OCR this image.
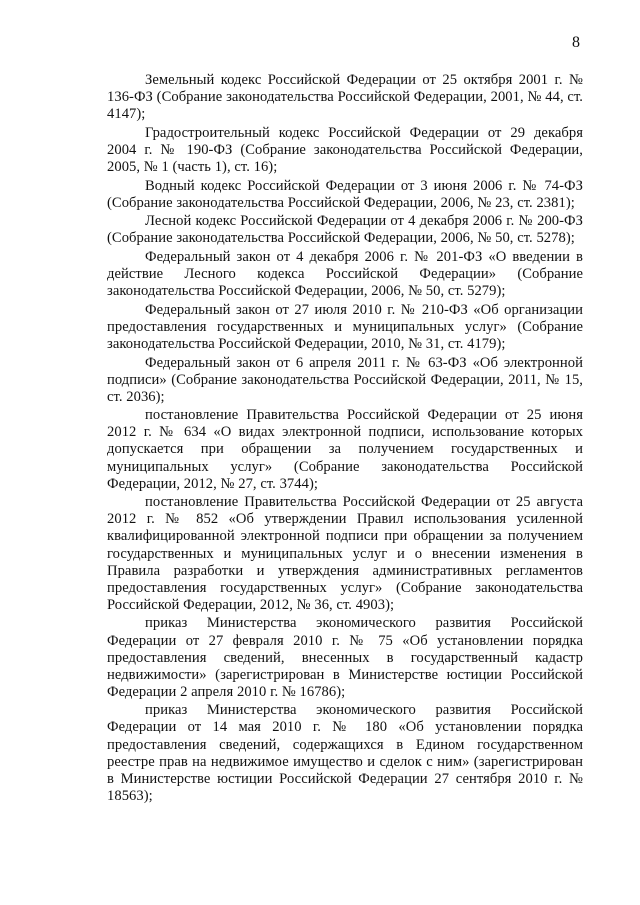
8

Земельный кодекс Российской Федерации от 25 октября 2001 г. № 136-ФЗ (Собрание законодательства Российской Федерации, 2001, № 44, ст. 4147);

Градостроительный кодекс Российской Федерации от 29 декабря 2004 г. № 190-ФЗ (Собрание законодательства Российской Федерации, 2005, № 1 (часть 1), ст. 16);

Водный кодекс Российской Федерации от 3 июня 2006 г. № 74-ФЗ (Собрание законодательства Российской Федерации, 2006, № 23, ст. 2381);

Лесной кодекс Российской Федерации от 4 декабря 2006 г. № 200-ФЗ (Собрание законодательства Российской Федерации, 2006, № 50, ст. 5278);

Федеральный закон от 4 декабря 2006 г. № 201-ФЗ «О введении в действие Лесного кодекса Российской Федерации» (Собрание законодательства Российской Федерации, 2006, № 50, ст. 5279);

Федеральный закон от 27 июля 2010 г. № 210-ФЗ «Об организации предоставления государственных и муниципальных услуг» (Собрание законодательства Российской Федерации, 2010, № 31, ст. 4179);

Федеральный закон от 6 апреля 2011 г. № 63-ФЗ «Об электронной подписи» (Собрание законодательства Российской Федерации, 2011, № 15, ст. 2036);

постановление Правительства Российской Федерации от 25 июня 2012 г. № 634 «О видах электронной подписи, использование которых допускается при обращении за получением государственных и муниципальных услуг» (Собрание законодательства Российской Федерации, 2012, № 27, ст. 3744);

постановление Правительства Российской Федерации от 25 августа 2012 г. № 852 «Об утверждении Правил использования усиленной квалифицированной электронной подписи при обращении за получением государственных и муниципальных услуг и о внесении изменения в Правила разработки и утверждения административных регламентов предоставления государственных услуг» (Собрание законодательства Российской Федерации, 2012, № 36, ст. 4903);

приказ Министерства экономического развития Российской Федерации от 27 февраля 2010 г. № 75 «Об установлении порядка предоставления сведений, внесенных в государственный кадастр недвижимости» (зарегистрирован в Министерстве юстиции Российской Федерации 2 апреля 2010 г. № 16786);

приказ Министерства экономического развития Российской Федерации от 14 мая 2010 г. № 180 «Об установлении порядка предоставления сведений, содержащихся в Едином государственном реестре прав на недвижимое имущество и сделок с ним» (зарегистрирован в Министерстве юстиции Российской Федерации 27 сентября 2010 г. № 18563);
